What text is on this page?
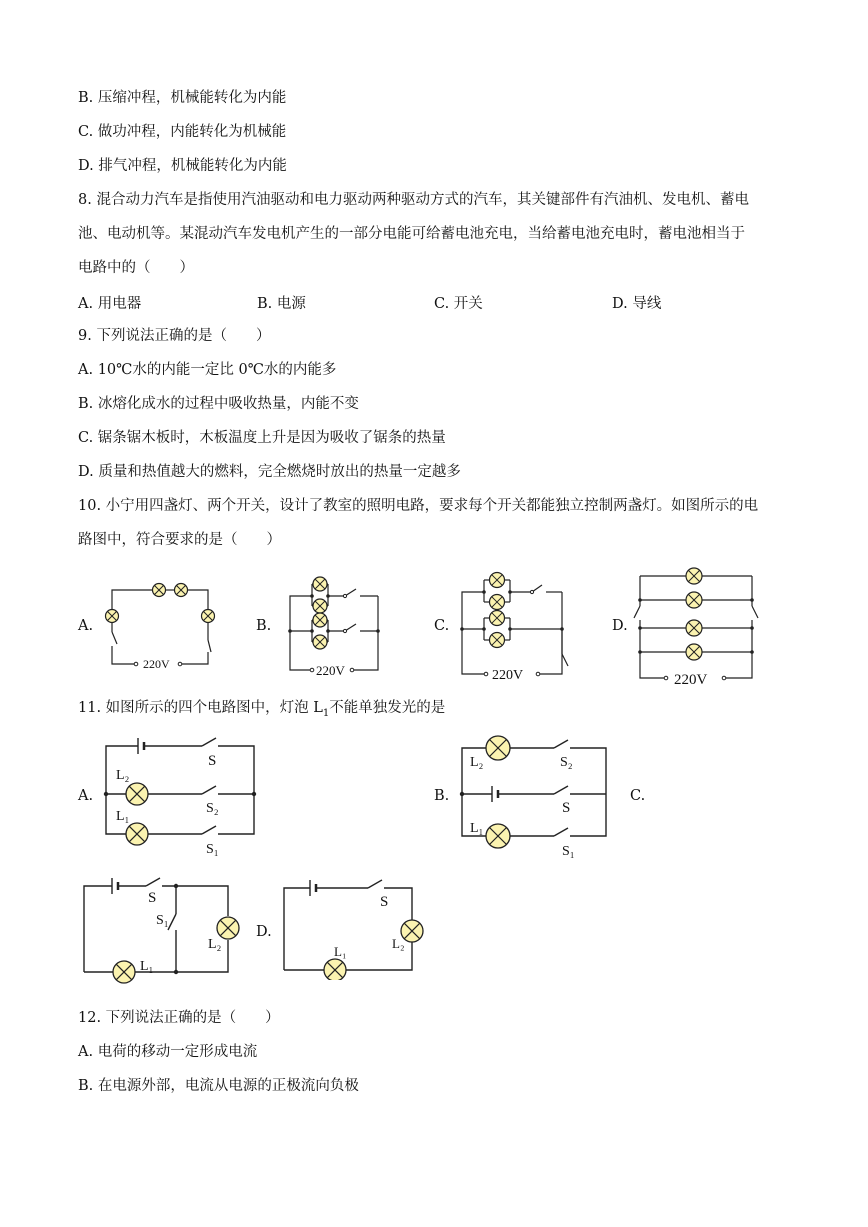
B. 压缩冲程，机械能转化为内能
C. 做功冲程，内能转化为机械能
D. 排气冲程，机械能转化为内能
8. 混合动力汽车是指使用汽油驱动和电力驱动两种驱动方式的汽车，其关键部件有汽油机、发电机、蓄电
池、电动机等。某混动汽车发电机产生的一部分电能可给蓄电池充电，当给蓄电池充电时，蓄电池相当于
电路中的（　　）
A. 用电器	B. 电源	C. 开关	D. 导线
9. 下列说法正确的是（　　）
A. 10℃水的内能一定比 0℃水的内能多
B. 冰熔化成水的过程中吸收热量，内能不变
C. 锯条锯木板时，木板温度上升是因为吸收了锯条的热量
D. 质量和热值越大的燃料，完全燃烧时放出的热量一定越多
10. 小宁用四盏灯、两个开关，设计了教室的照明电路，要求每个开关都能独立控制两盏灯。如图所示的电
路图中，符合要求的是（　　）
A.	B.	C.	D.
220V	220V	220V	220V
11. 如图所示的四个电路图中，灯泡 $L_1$不能单独发光的是
A.	B.	C.
D.
S
L₂
S₂
L₁
S₁
L₂	S₂
S
L₁
S₁
S
S₁
L₂
L₁
S
L₂
L₁
12. 下列说法正确的是（　　）
A. 电荷的移动一定形成电流
B. 在电源外部，电流从电源的正极流向负极
